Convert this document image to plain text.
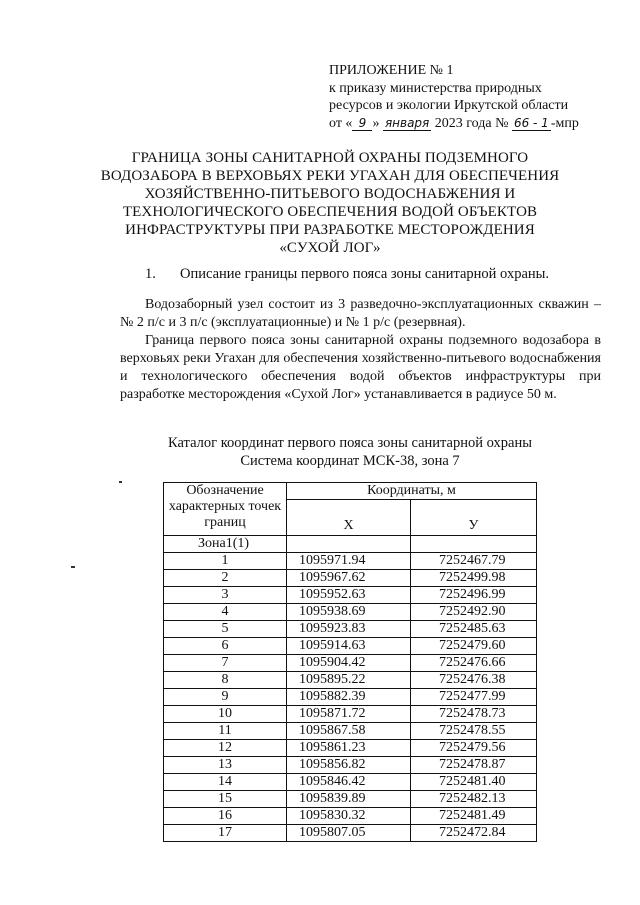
ПРИЛОЖЕНИЕ № 1
к приказу министерства природных
ресурсов и экологии Иркутской области
от « 9 » января 2023 года № 66 - 1 -мпр
ГРАНИЦА ЗОНЫ САНИТАРНОЙ ОХРАНЫ ПОДЗЕМНОГО
ВОДОЗАБОРА В ВЕРХОВЬЯХ РЕКИ УГАХАН ДЛЯ ОБЕСПЕЧЕНИЯ
ХОЗЯЙСТВЕННО-ПИТЬЕВОГО ВОДОСНАБЖЕНИЯ И
ТЕХНОЛОГИЧЕСКОГО ОБЕСПЕЧЕНИЯ ВОДОЙ ОБЪЕКТОВ
ИНФРАСТРУКТУРЫ ПРИ РАЗРАБОТКЕ МЕСТОРОЖДЕНИЯ
«СУХОЙ ЛОГ»
1. Описание границы первого пояса зоны санитарной охраны.
Водозаборный узел состоит из 3 разведочно-эксплуатационных скважин – № 2 п/с и 3 п/с (эксплуатационные) и № 1 р/с (резервная).
Граница первого пояса зоны санитарной охраны подземного водозабора в верховьях реки Угахан для обеспечения хозяйственно-питьевого водоснабжения и технологического обеспечения водой объектов инфраструктуры при разработке месторождения «Сухой Лог» устанавливается в радиусе 50 м.
Каталог координат первого пояса зоны санитарной охраны
Система координат МСК-38, зона 7
Обозначение характерных точек границ	Координаты, м	
	Х	У
Зона1(1)		
1	1095971.94	7252467.79
2	1095967.62	7252499.98
3	1095952.63	7252496.99
4	1095938.69	7252492.90
5	1095923.83	7252485.63
6	1095914.63	7252479.60
7	1095904.42	7252476.66
8	1095895.22	7252476.38
9	1095882.39	7252477.99
10	1095871.72	7252478.73
11	1095867.58	7252478.55
12	1095861.23	7252479.56
13	1095856.82	7252478.87
14	1095846.42	7252481.40
15	1095839.89	7252482.13
16	1095830.32	7252481.49
17	1095807.05	7252472.84
